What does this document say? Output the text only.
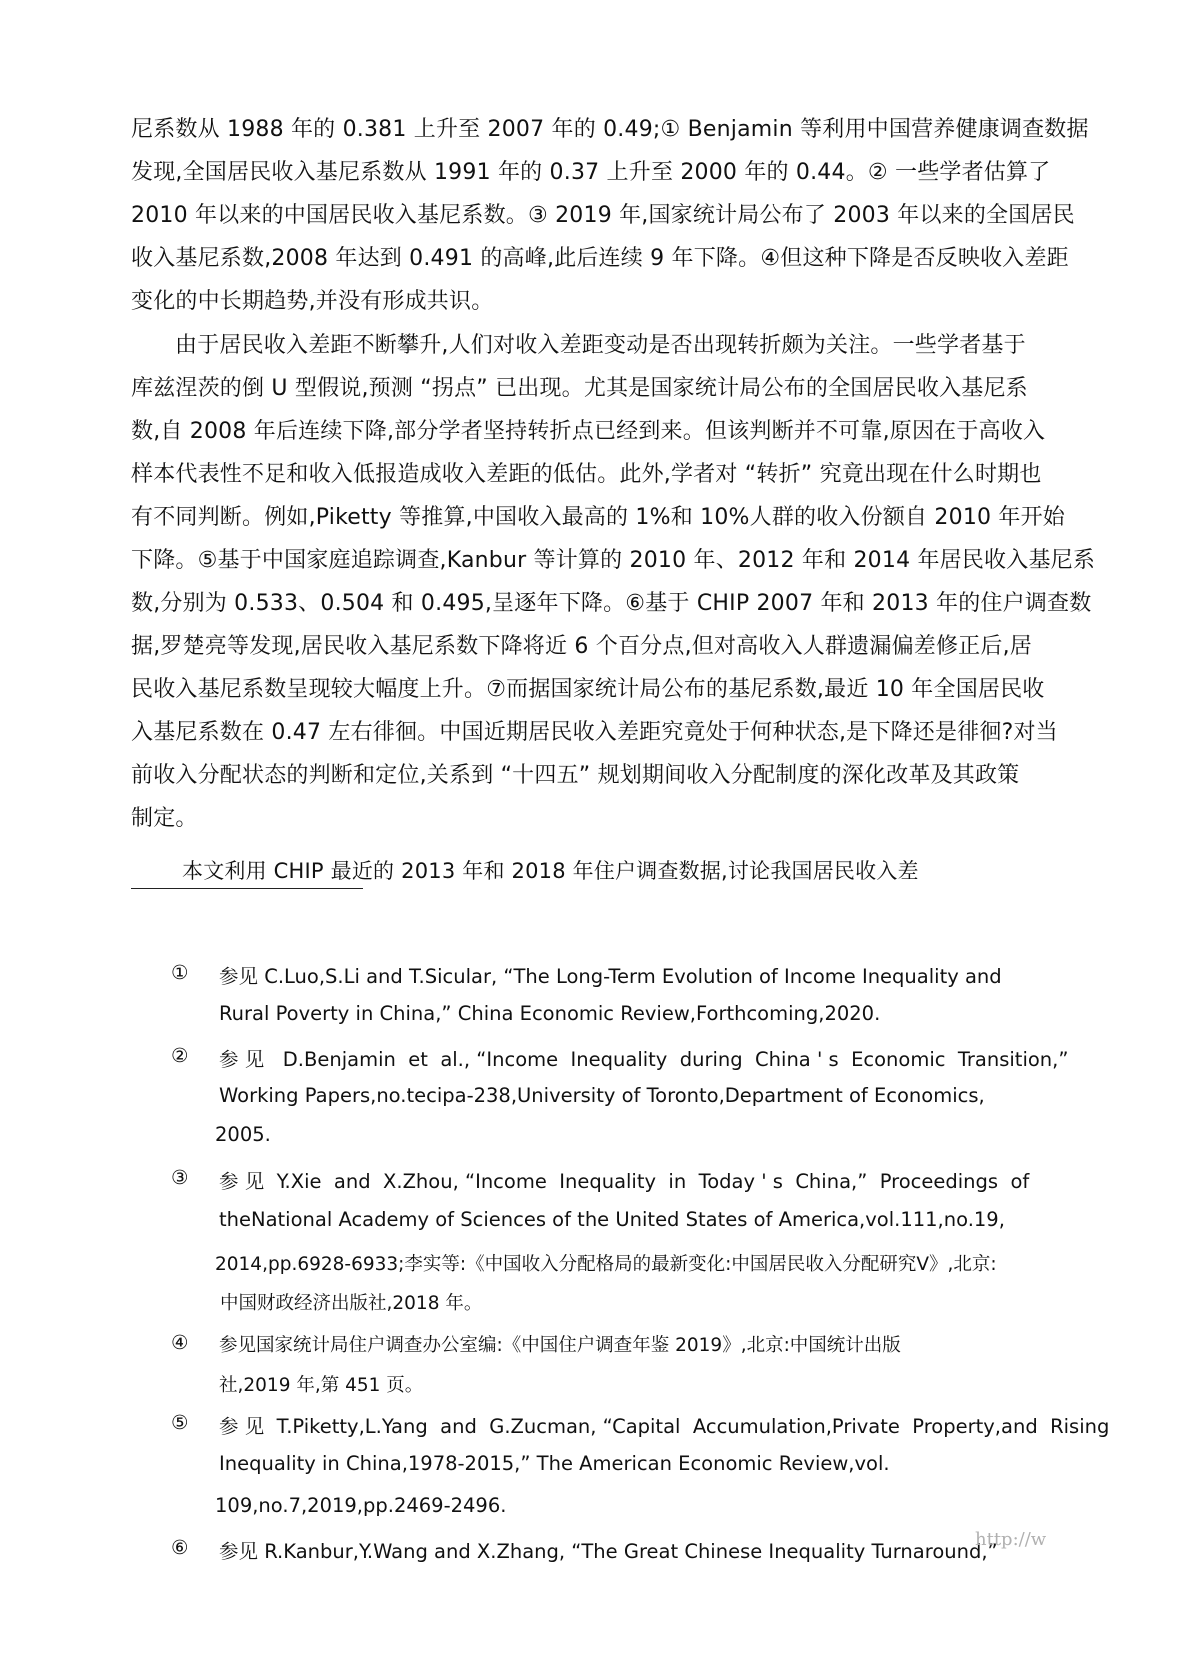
尼系数从 1988 年的 0.381 上升至 2007 年的 0.49;① Benjamin 等利用中国营养健康调查数据
发现,全国居民收入基尼系数从 1991 年的 0.37 上升至 2000 年的 0.44。② 一些学者估算了
2010 年以来的中国居民收入基尼系数。③ 2019 年,国家统计局公布了 2003 年以来的全国居民
收入基尼系数,2008 年达到 0.491 的高峰,此后连续 9 年下降。④但这种下降是否反映收入差距
变化的中长期趋势,并没有形成共识。
由于居民收入差距不断攀升,人们对收入差距变动是否出现转折颇为关注。一些学者基于
库兹涅茨的倒 U 型假说,预测 “拐点” 已出现。尤其是国家统计局公布的全国居民收入基尼系
数,自 2008 年后连续下降,部分学者坚持转折点已经到来。但该判断并不可靠,原因在于高收入
样本代表性不足和收入低报造成收入差距的低估。此外,学者对 “转折” 究竟出现在什么时期也
有不同判断。例如,Piketty 等推算,中国收入最高的 1%和 10%人群的收入份额自 2010 年开始
下降。⑤基于中国家庭追踪调查,Kanbur 等计算的 2010 年、2012 年和 2014 年居民收入基尼系
数,分别为 0.533、0.504 和 0.495,呈逐年下降。⑥基于 CHIP 2007 年和 2013 年的住户调查数
据,罗楚亮等发现,居民收入基尼系数下降将近 6 个百分点,但对高收入人群遗漏偏差修正后,居
民收入基尼系数呈现较大幅度上升。⑦而据国家统计局公布的基尼系数,最近 10 年全国居民收
入基尼系数在 0.47 左右徘徊。中国近期居民收入差距究竟处于何种状态,是下降还是徘徊?对当
前收入分配状态的判断和定位,关系到 “十四五” 规划期间收入分配制度的深化改革及其政策
制定。
本文利用 CHIP 最近的 2013 年和 2018 年住户调查数据,讨论我国居民收入差
① 参见 C.Luo,S.Li and T.Sicular, “The Long-Term Evolution of Income Inequality and
Rural Poverty in China,” China Economic Review,Forthcoming,2020.
② 参 见   D.Benjamin  et  al., “Income  Inequality  during  China ' s  Economic  Transition,”
Working Papers,no.tecipa-238,University of Toronto,Department of Economics,
2005.
③ 参 见  Y.Xie  and  X.Zhou, “Income  Inequality  in  Today ' s  China,”  Proceedings  of
theNational Academy of Sciences of the United States of America,vol.111,no.19,
2014,pp.6928-6933;李实等:《中国收入分配格局的最新变化:中国居民收入分配研究Ⅴ》,北京:
中国财政经济出版社,2018 年。
④ 参见国家统计局住户调查办公室编:《中国住户调查年鉴 2019》,北京:中国统计出版
社,2019 年,第 451 页。
⑤ 参 见  T.Piketty,L.Yang  and  G.Zucman, “Capital  Accumulation,Private  Property,and  Rising
Inequality in China,1978-2015,” The American Economic Review,vol.
109,no.7,2019,pp.2469-2496.
⑥ 参见 R.Kanbur,Y.Wang and X.Zhang, “The Great Chinese Inequality Turnaround,”
http://w
